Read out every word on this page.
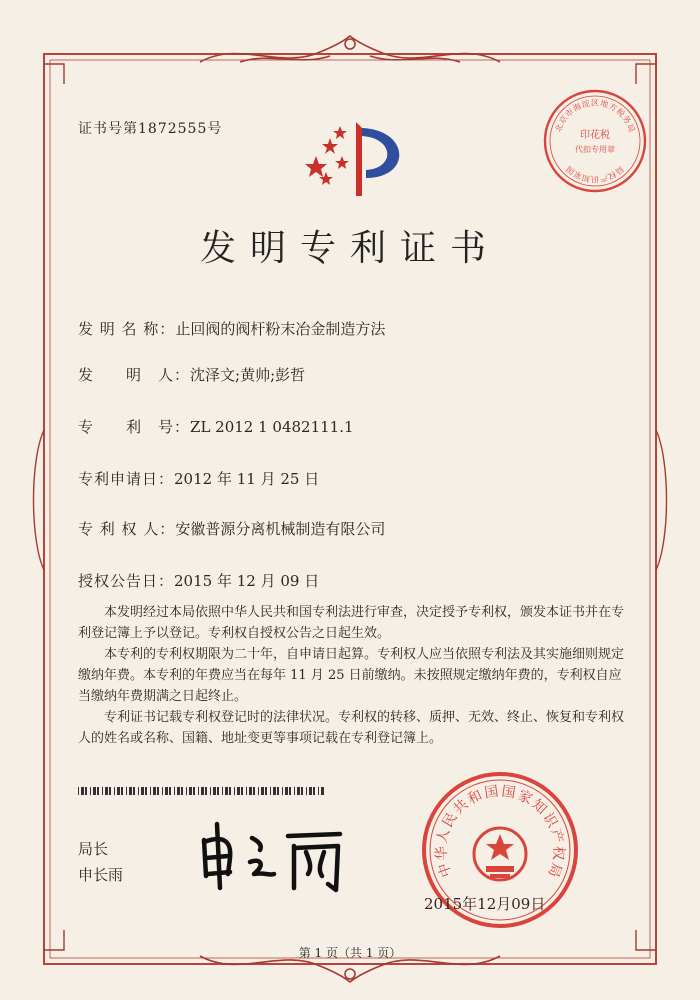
证书号第1872555号	印花税
代扣专用章
北
京
市
海
淀 区 地
方
税
务
局
国
家
知 识 产
权
局
发明专利证书
发 明 名 称：止回阀的阀杆粉末冶金制造方法
发　　明　人：沈泽文;黄帅;彭哲
专　　利　号：ZL 2012 1 0482111.1
专利申请日：2012 年 11 月 25 日
专 利 权 人：安徽普源分离机械制造有限公司
授权公告日：2015 年 12 月 09 日

本发明经过本局依照中华人民共和国专利法进行审查，决定授予专利权，颁发本证书并在专利登记簿上予以登记。专利权自授权公告之日起生效。

本专利的专利权期限为二十年，自申请日起算。专利权人应当依照专利法及其实施细则规定缴纳年费。本专利的年费应当在每年 11 月 25 日前缴纳。未按照规定缴纳年费的，专利权自应当缴纳年费期满之日起终止。

专利证书记载专利权登记时的法律状况。专利权的转移、质押、无效、终止、恢复和专利权人的姓名或名称、国籍、地址变更等事项记载在专利登记簿上。

局长
申长雨	中
华
人
民
共
和
国 国
家
知
识
产
权
局
2015年12月09日
第 1 页（共 1 页）
